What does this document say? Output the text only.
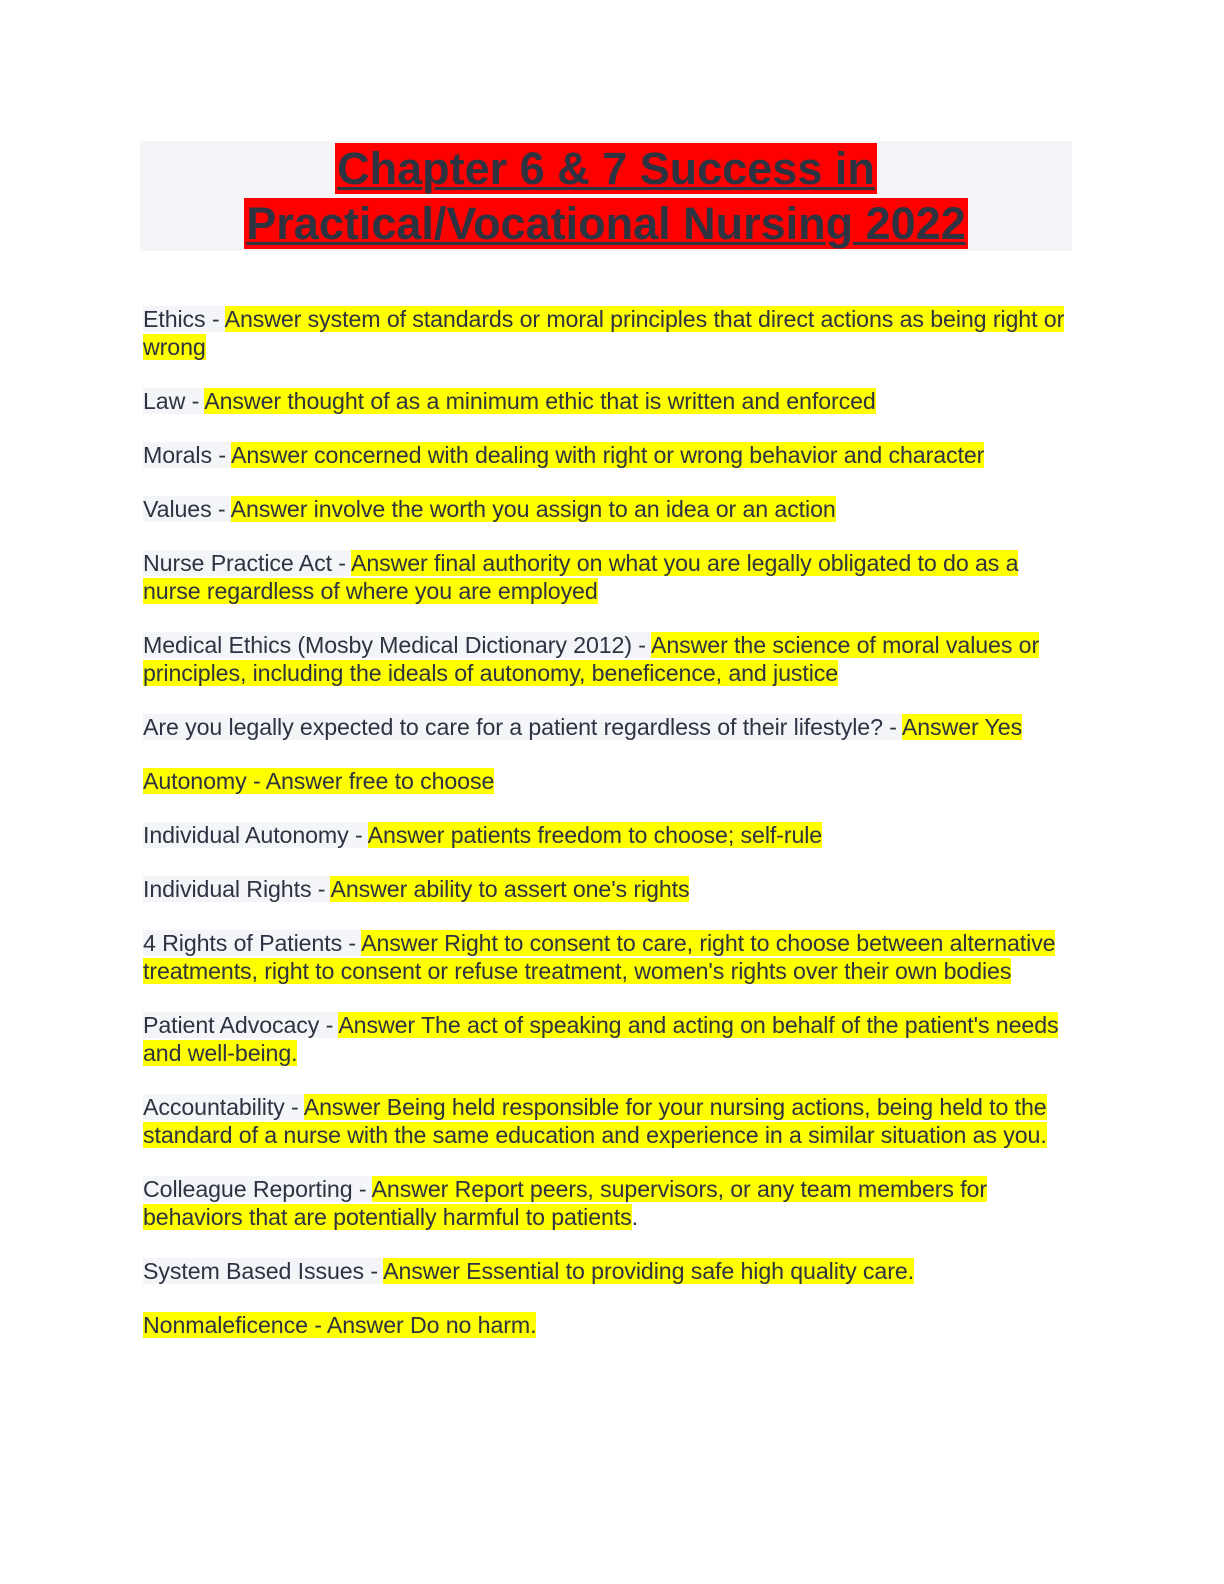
Chapter 6 & 7 Success in
Practical/Vocational Nursing 2022

Ethics - Answer system of standards or moral principles that direct actions as being right or wrong

Law - Answer thought of as a minimum ethic that is written and enforced

Morals - Answer concerned with dealing with right or wrong behavior and character

Values - Answer involve the worth you assign to an idea or an action

Nurse Practice Act - Answer final authority on what you are legally obligated to do as a nurse regardless of where you are employed

Medical Ethics (Mosby Medical Dictionary 2012) - Answer the science of moral values or principles, including the ideals of autonomy, beneficence, and justice

Are you legally expected to care for a patient regardless of their lifestyle? - Answer Yes

Autonomy - Answer free to choose

Individual Autonomy - Answer patients freedom to choose; self-rule

Individual Rights - Answer ability to assert one's rights

4 Rights of Patients - Answer Right to consent to care, right to choose between alternative treatments, right to consent or refuse treatment, women's rights over their own bodies

Patient Advocacy - Answer The act of speaking and acting on behalf of the patient's needs and well-being.

Accountability - Answer Being held responsible for your nursing actions, being held to the standard of a nurse with the same education and experience in a similar situation as you.

Colleague Reporting - Answer Report peers, supervisors, or any team members for behaviors that are potentially harmful to patients.

System Based Issues - Answer Essential to providing safe high quality care.

Nonmaleficence - Answer Do no harm.
